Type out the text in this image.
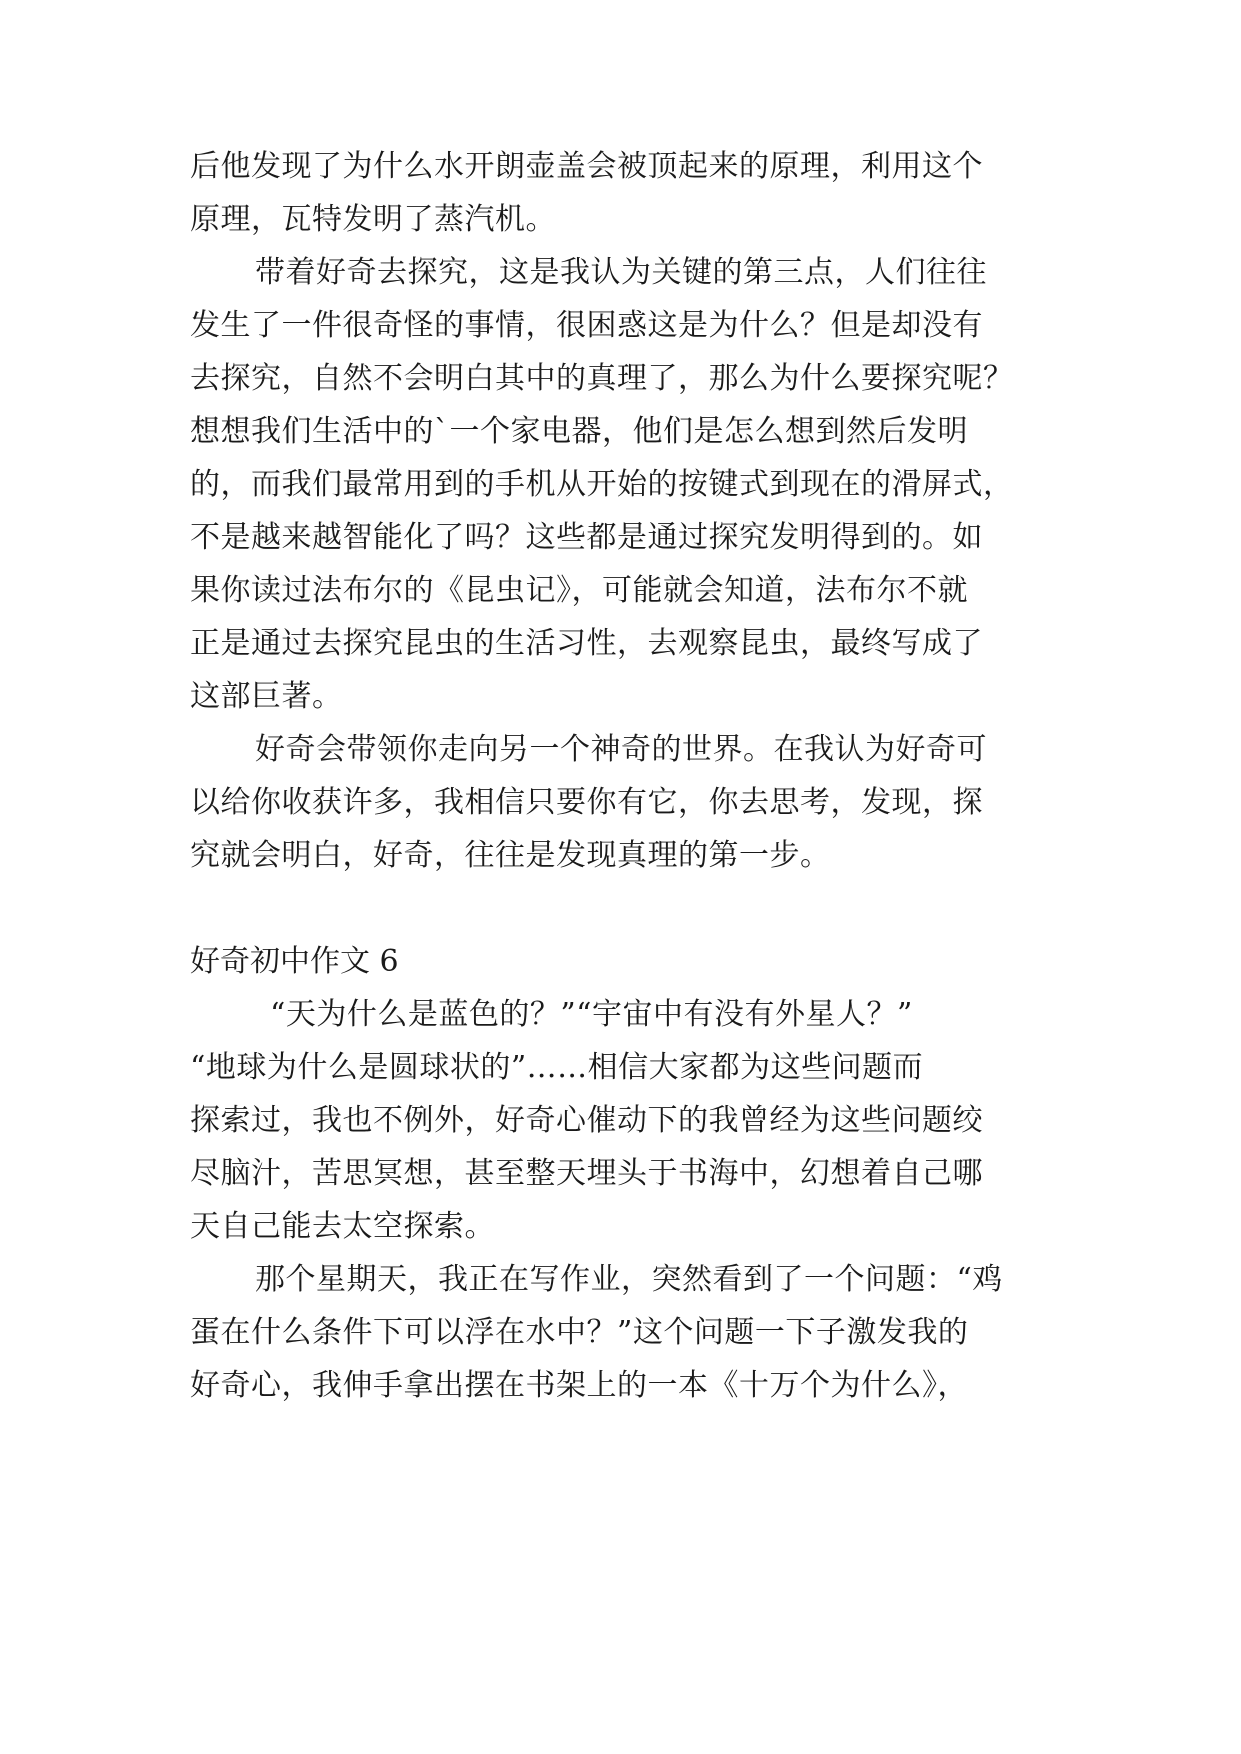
后他发现了为什么水开朗壶盖会被顶起来的原理，利用这个
原理，瓦特发明了蒸汽机。
带着好奇去探究，这是我认为关键的第三点，人们往往
发生了一件很奇怪的事情，很困惑这是为什么？但是却没有
去探究，自然不会明白其中的真理了，那么为什么要探究呢？
想想我们生活中的`一个家电器，他们是怎么想到然后发明
的，而我们最常用到的手机从开始的按键式到现在的滑屏式，
不是越来越智能化了吗？这些都是通过探究发明得到的。如
果你读过法布尔的《昆虫记》，可能就会知道，法布尔不就
正是通过去探究昆虫的生活习性，去观察昆虫，最终写成了
这部巨著。
好奇会带领你走向另一个神奇的世界。在我认为好奇可
以给你收获许多，我相信只要你有它，你去思考，发现，探
究就会明白，好奇，往往是发现真理的第一步。
好奇初中作文 6
“天为什么是蓝色的？”“宇宙中有没有外星人？”
“地球为什么是圆球状的”……相信大家都为这些问题而
探索过，我也不例外，好奇心催动下的我曾经为这些问题绞
尽脑汁，苦思冥想，甚至整天埋头于书海中，幻想着自己哪
天自己能去太空探索。
那个星期天，我正在写作业，突然看到了一个问题：“鸡
蛋在什么条件下可以浮在水中？”这个问题一下子激发我的
好奇心，我伸手拿出摆在书架上的一本《十万个为什么》，
